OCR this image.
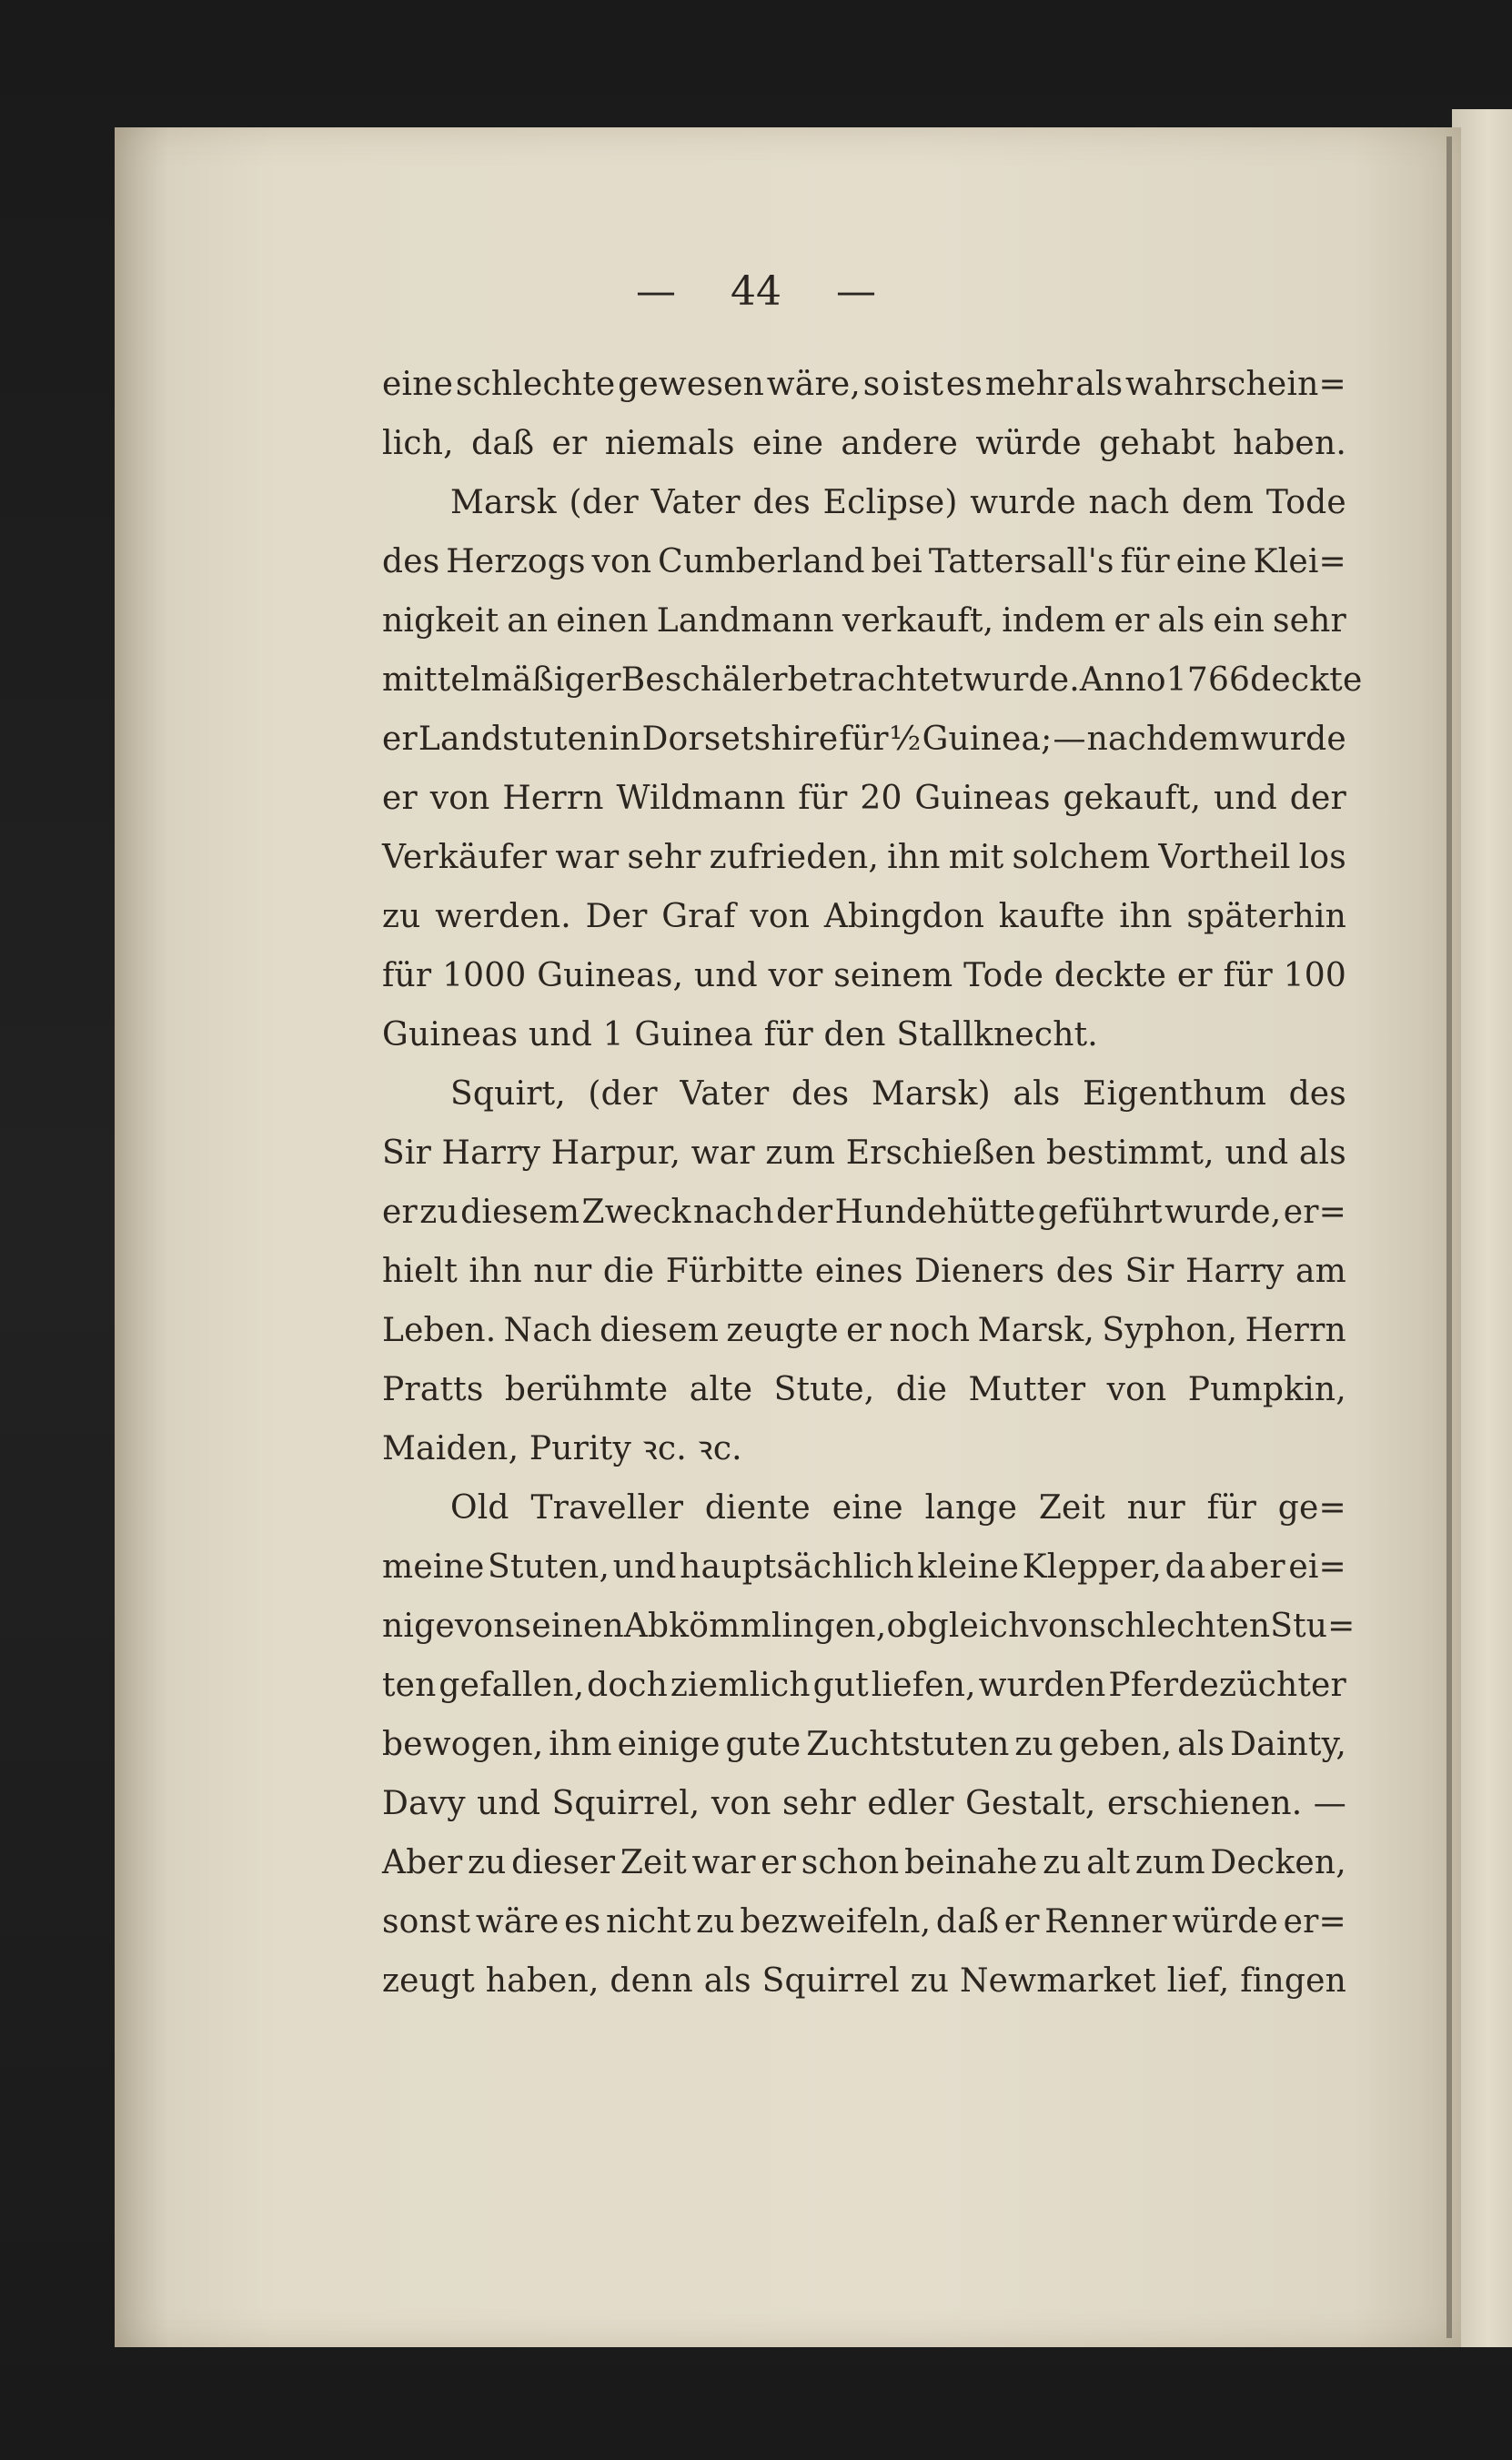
— 44 —
eine schlechte gewesen wäre, so ist es mehr als wahrschein=
lich, daß er niemals eine andere würde gehabt haben.
Marsk (der Vater des Eclipse) wurde nach dem Tode
des Herzogs von Cumberland bei Tattersall's für eine Klei=
nigkeit an einen Landmann verkauft, indem er als ein sehr
mittelmäßiger Beschäler betrachtet wurde. Anno 1766 deckte
er Landstuten in Dorsetshire für ½ Guinea; — nachdem wurde
er von Herrn Wildmann für 20 Guineas gekauft, und der
Verkäufer war sehr zufrieden, ihn mit solchem Vortheil los
zu werden. Der Graf von Abingdon kaufte ihn späterhin
für 1000 Guineas, und vor seinem Tode deckte er für 100
Guineas und 1 Guinea für den Stallknecht.
Squirt, (der Vater des Marsk) als Eigenthum des
Sir Harry Harpur, war zum Erschießen bestimmt, und als
er zu diesem Zweck nach der Hundehütte geführt wurde, er=
hielt ihn nur die Fürbitte eines Dieners des Sir Harry am
Leben. Nach diesem zeugte er noch Marsk, Syphon, Herrn
Pratts berühmte alte Stute, die Mutter von Pumpkin,
Maiden, Purity ꝛc. ꝛc.
Old Traveller diente eine lange Zeit nur für ge=
meine Stuten, und hauptsächlich kleine Klepper, da aber ei=
nige von seinen Abkömmlingen, obgleich von schlechten Stu=
ten gefallen, doch ziemlich gut liefen, wurden Pferdezüchter
bewogen, ihm einige gute Zuchtstuten zu geben, als Dainty,
Davy und Squirrel, von sehr edler Gestalt, erschienen. —
Aber zu dieser Zeit war er schon beinahe zu alt zum Decken,
sonst wäre es nicht zu bezweifeln, daß er Renner würde er=
zeugt haben, denn als Squirrel zu Newmarket lief, fingen
